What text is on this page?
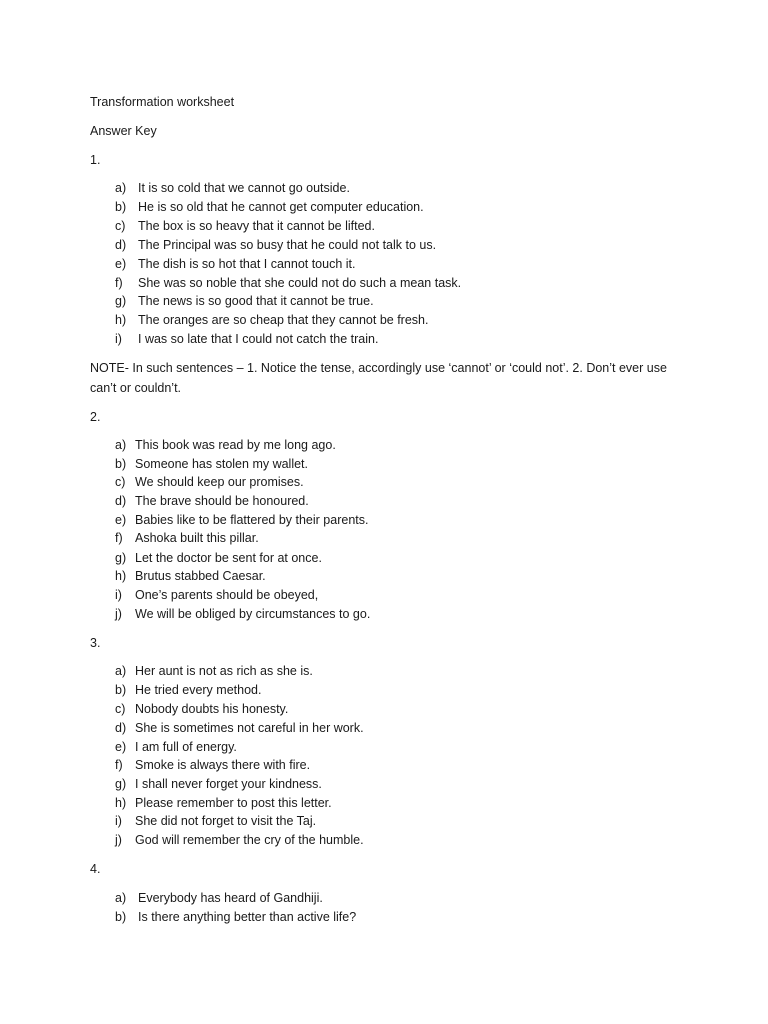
Transformation worksheet
Answer Key
1.
a) It is so cold that we cannot go outside.
b) He is so old that he cannot get computer education.
c) The box is so heavy that it cannot be lifted.
d) The Principal was so busy that he could not talk to us.
e) The dish is so hot that I cannot touch it.
f) She was so noble that she could not do such a mean task.
g) The news is so good that it cannot be true.
h) The oranges are so cheap that they cannot be fresh.
i) I was so late that I could not catch the train.
NOTE- In such sentences – 1. Notice the tense, accordingly use ‘cannot’ or ‘could not’. 2. Don’t ever use can’t or couldn’t.
2.
a) This book was read by me long ago.
b) Someone has stolen my wallet.
c) We should keep our promises.
d) The brave should be honoured.
e) Babies like to be flattered by their parents.
f) Ashoka built this pillar.
g) Let the doctor be sent for at once.
h) Brutus stabbed Caesar.
i) One’s parents should be obeyed,
j) We will be obliged by circumstances to go.
3.
a) Her aunt is not as rich as she is.
b) He tried every method.
c) Nobody doubts his honesty.
d) She is sometimes not careful in her work.
e) I am full of energy.
f) Smoke is always there with fire.
g) I shall never forget your kindness.
h) Please remember to post this letter.
i) She did not forget to visit the Taj.
j) God will remember the cry of the humble.
4.
a) Everybody has heard of Gandhiji.
b) Is there anything better than active life?
